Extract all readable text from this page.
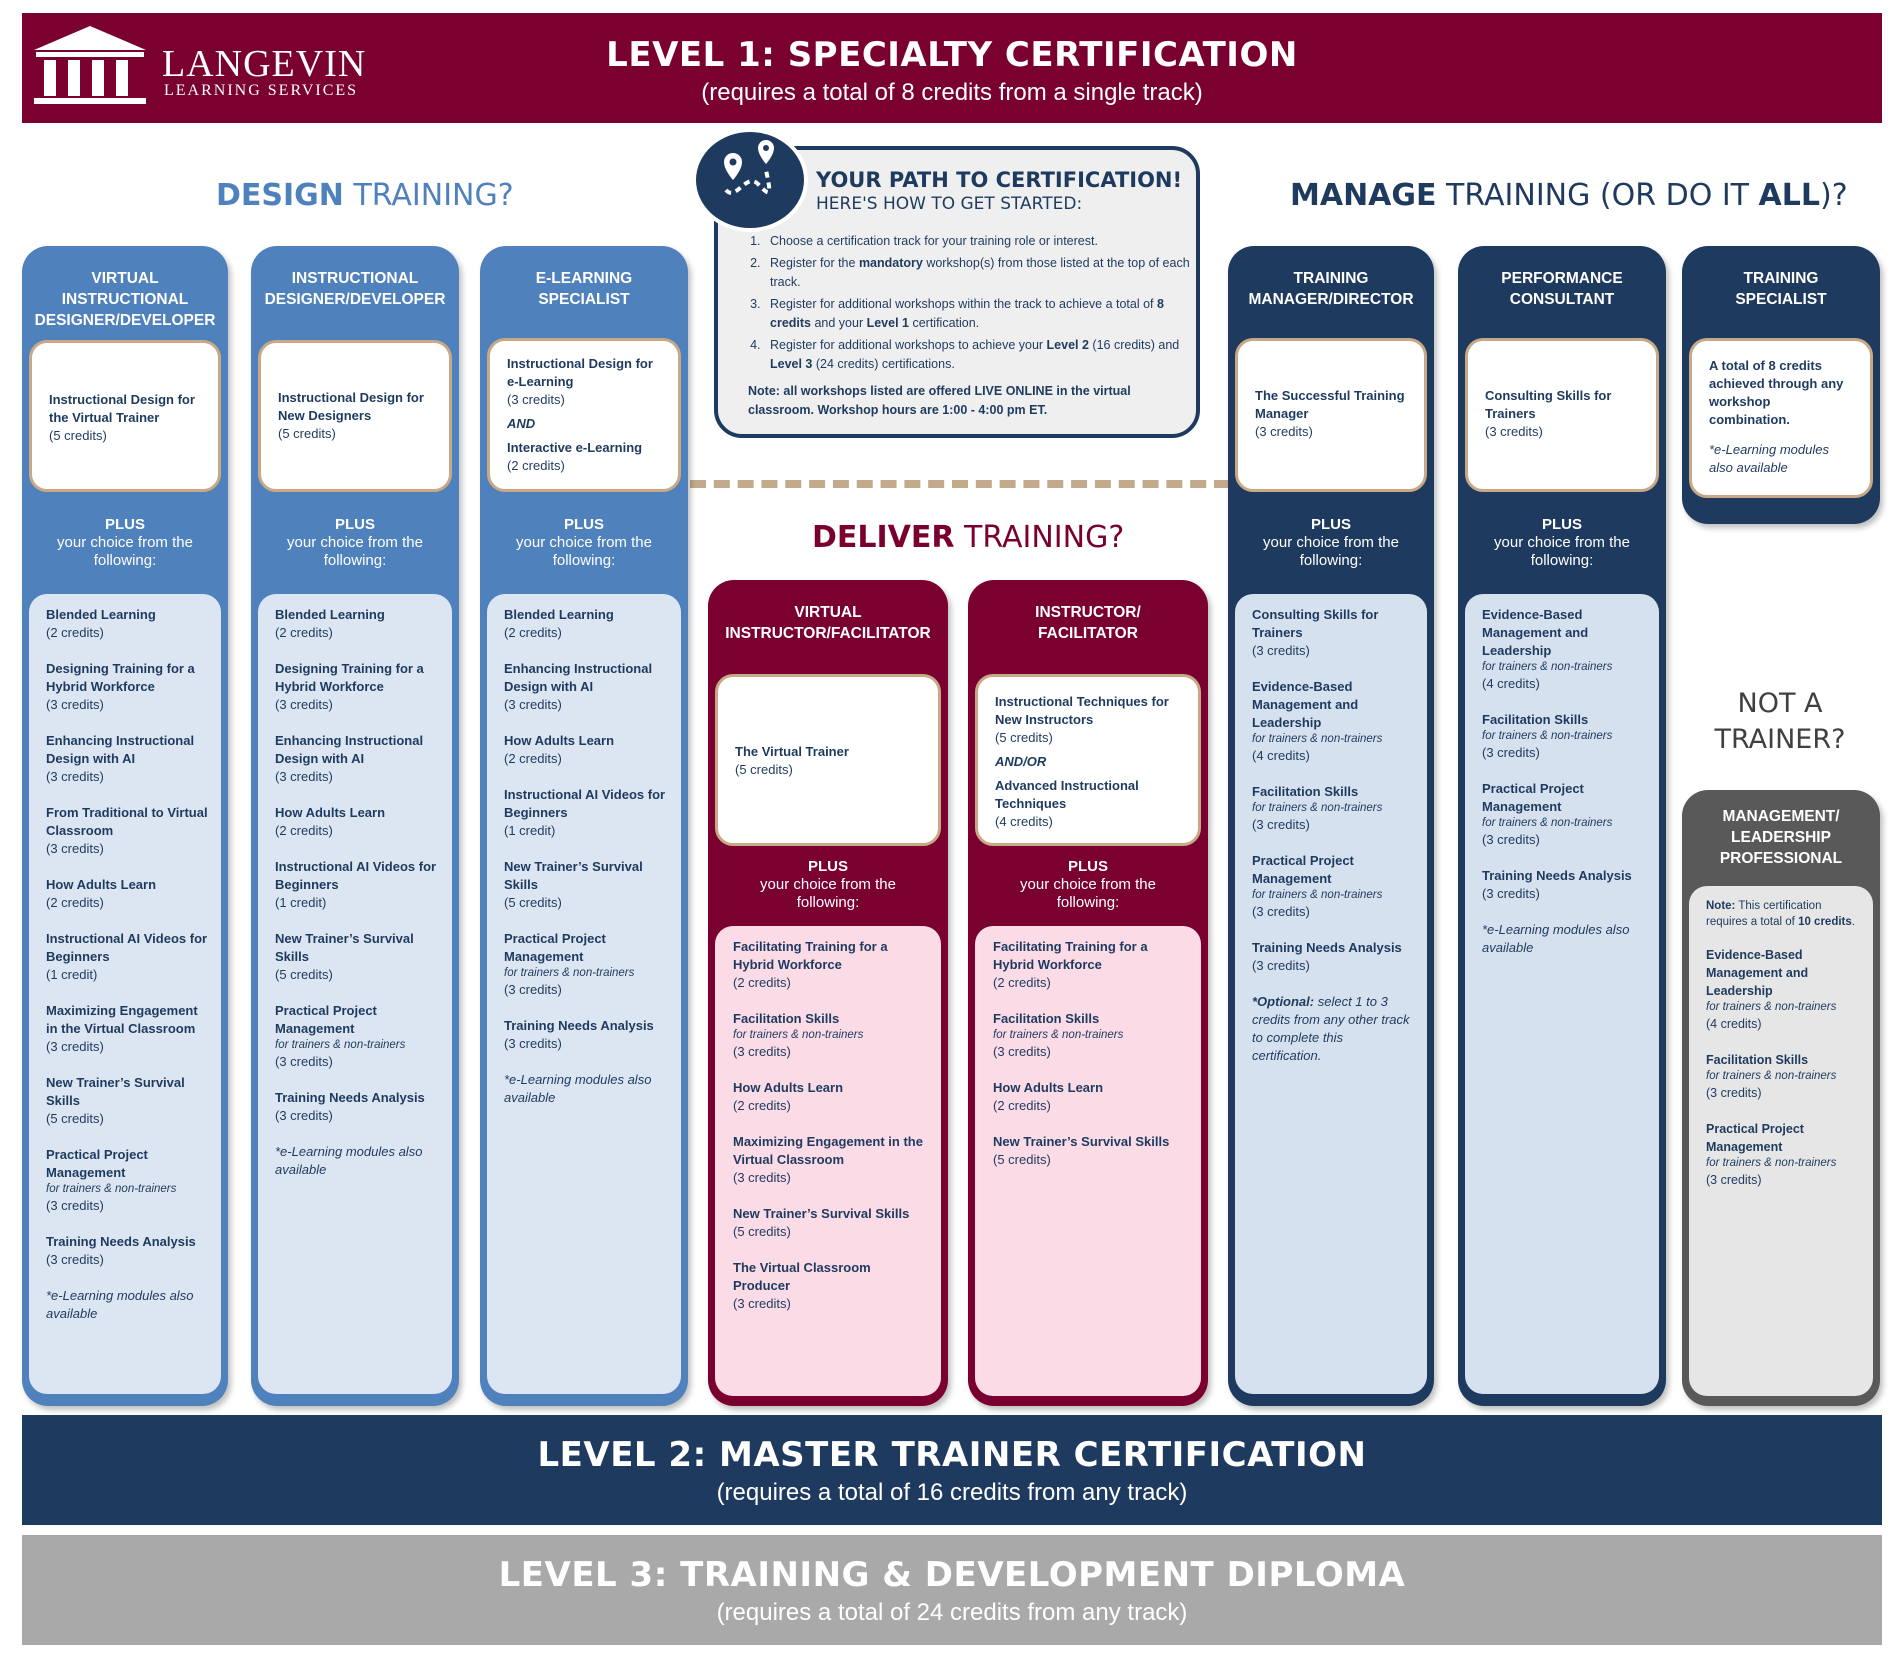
LEVEL 1: SPECIALTY CERTIFICATION
(requires a total of 8 credits from a single track)
LANGEVIN
LEARNING SERVICES
DESIGN TRAINING?	MANAGE TRAINING (OR DO IT ALL)?
DELIVER TRAINING?
YOUR PATH TO CERTIFICATION!
HERE'S HOW TO GET STARTED:
1. Choose a certification track for your training role or interest.
2. Register for the mandatory workshop(s) from those listed at the top of each track.
3. Register for additional workshops within the track to achieve a total of 8 credits and your Level 1 certification.
4. Register for additional workshops to achieve your Level 2 (16 credits) and Level 3 (24 credits) certifications.
Note: all workshops listed are offered LIVE ONLINE in the virtual classroom. Workshop hours are 1:00 - 4:00 pm ET.
VIRTUAL INSTRUCTIONAL
DESIGNER/DEVELOPER
Instructional Design for the Virtual Trainer
(5 credits)
PLUS
your choice from the following:
Blended Learning
(2 credits)
Designing Training for a Hybrid Workforce
(3 credits)
Enhancing Instructional Design with AI
(3 credits)
From Traditional to Virtual Classroom
(3 credits)
How Adults Learn
(2 credits)
Instructional AI Videos for Beginners
(1 credit)
Maximizing Engagement in the Virtual Classroom
(3 credits)
New Trainer’s Survival Skills
(5 credits)
Practical Project Management
for trainers & non-trainers
(3 credits)
Training Needs Analysis
(3 credits)
*e-Learning modules also available
INSTRUCTIONAL
DESIGNER/DEVELOPER
Instructional Design for New Designers
(5 credits)
PLUS
your choice from the following:
Blended Learning
(2 credits)
Designing Training for a Hybrid Workforce
(3 credits)
Enhancing Instructional Design with AI
(3 credits)
How Adults Learn
(2 credits)
Instructional AI Videos for Beginners
(1 credit)
New Trainer’s Survival Skills
(5 credits)
Practical Project Management
for trainers & non-trainers
(3 credits)
Training Needs Analysis
(3 credits)
*e-Learning modules also available
E-LEARNING
SPECIALIST
Instructional Design for e-Learning
(3 credits)
AND
Interactive e-Learning
(2 credits)
PLUS
your choice from the following:
Blended Learning
(2 credits)
Enhancing Instructional Design with AI
(3 credits)
How Adults Learn
(2 credits)
Instructional AI Videos for Beginners
(1 credit)
New Trainer’s Survival Skills
(5 credits)
Practical Project Management
for trainers & non-trainers
(3 credits)
Training Needs Analysis
(3 credits)
*e-Learning modules also available
VIRTUAL
INSTRUCTOR/FACILITATOR
The Virtual Trainer
(5 credits)
PLUS
your choice from the following:
Facilitating Training for a Hybrid Workforce
(2 credits)
Facilitation Skills
for trainers & non-trainers
(3 credits)
How Adults Learn
(2 credits)
Maximizing Engagement in the Virtual Classroom
(3 credits)
New Trainer’s Survival Skills
(5 credits)
The Virtual Classroom Producer
(3 credits)
INSTRUCTOR/
FACILITATOR
Instructional Techniques for New Instructors
(5 credits)
AND/OR
Advanced Instructional Techniques
(4 credits)
PLUS
your choice from the following:
Facilitating Training for a Hybrid Workforce
(2 credits)
Facilitation Skills
for trainers & non-trainers
(3 credits)
How Adults Learn
(2 credits)
New Trainer’s Survival Skills
(5 credits)
TRAINING
MANAGER/DIRECTOR
The Successful Training Manager
(3 credits)
PLUS
your choice from the following:
Consulting Skills for Trainers
(3 credits)
Evidence-Based Management and Leadership
for trainers & non-trainers
(4 credits)
Facilitation Skills
for trainers & non-trainers
(3 credits)
Practical Project Management
for trainers & non-trainers
(3 credits)
Training Needs Analysis
(3 credits)
*Optional: select 1 to 3 credits from any other track to complete this certification.
PERFORMANCE
CONSULTANT
Consulting Skills for Trainers
(3 credits)
PLUS
your choice from the following:
Evidence-Based Management and Leadership
for trainers & non-trainers
(4 credits)
Facilitation Skills
for trainers & non-trainers
(3 credits)
Practical Project Management
for trainers & non-trainers
(3 credits)
Training Needs Analysis
(3 credits)
*e-Learning modules also available
TRAINING
SPECIALIST
A total of 8 credits achieved through any workshop combination.
*e-Learning modules also available
NOT A
TRAINER?
MANAGEMENT/
LEADERSHIP
PROFESSIONAL
Note: This certification requires a total of 10 credits.
Evidence-Based Management and Leadership
for trainers & non-trainers
(4 credits)
Facilitation Skills
for trainers & non-trainers
(3 credits)
Practical Project Management
for trainers & non-trainers
(3 credits)
LEVEL 2: MASTER TRAINER CERTIFICATION
(requires a total of 16 credits from any track)
LEVEL 3: TRAINING & DEVELOPMENT DIPLOMA
(requires a total of 24 credits from any track)
